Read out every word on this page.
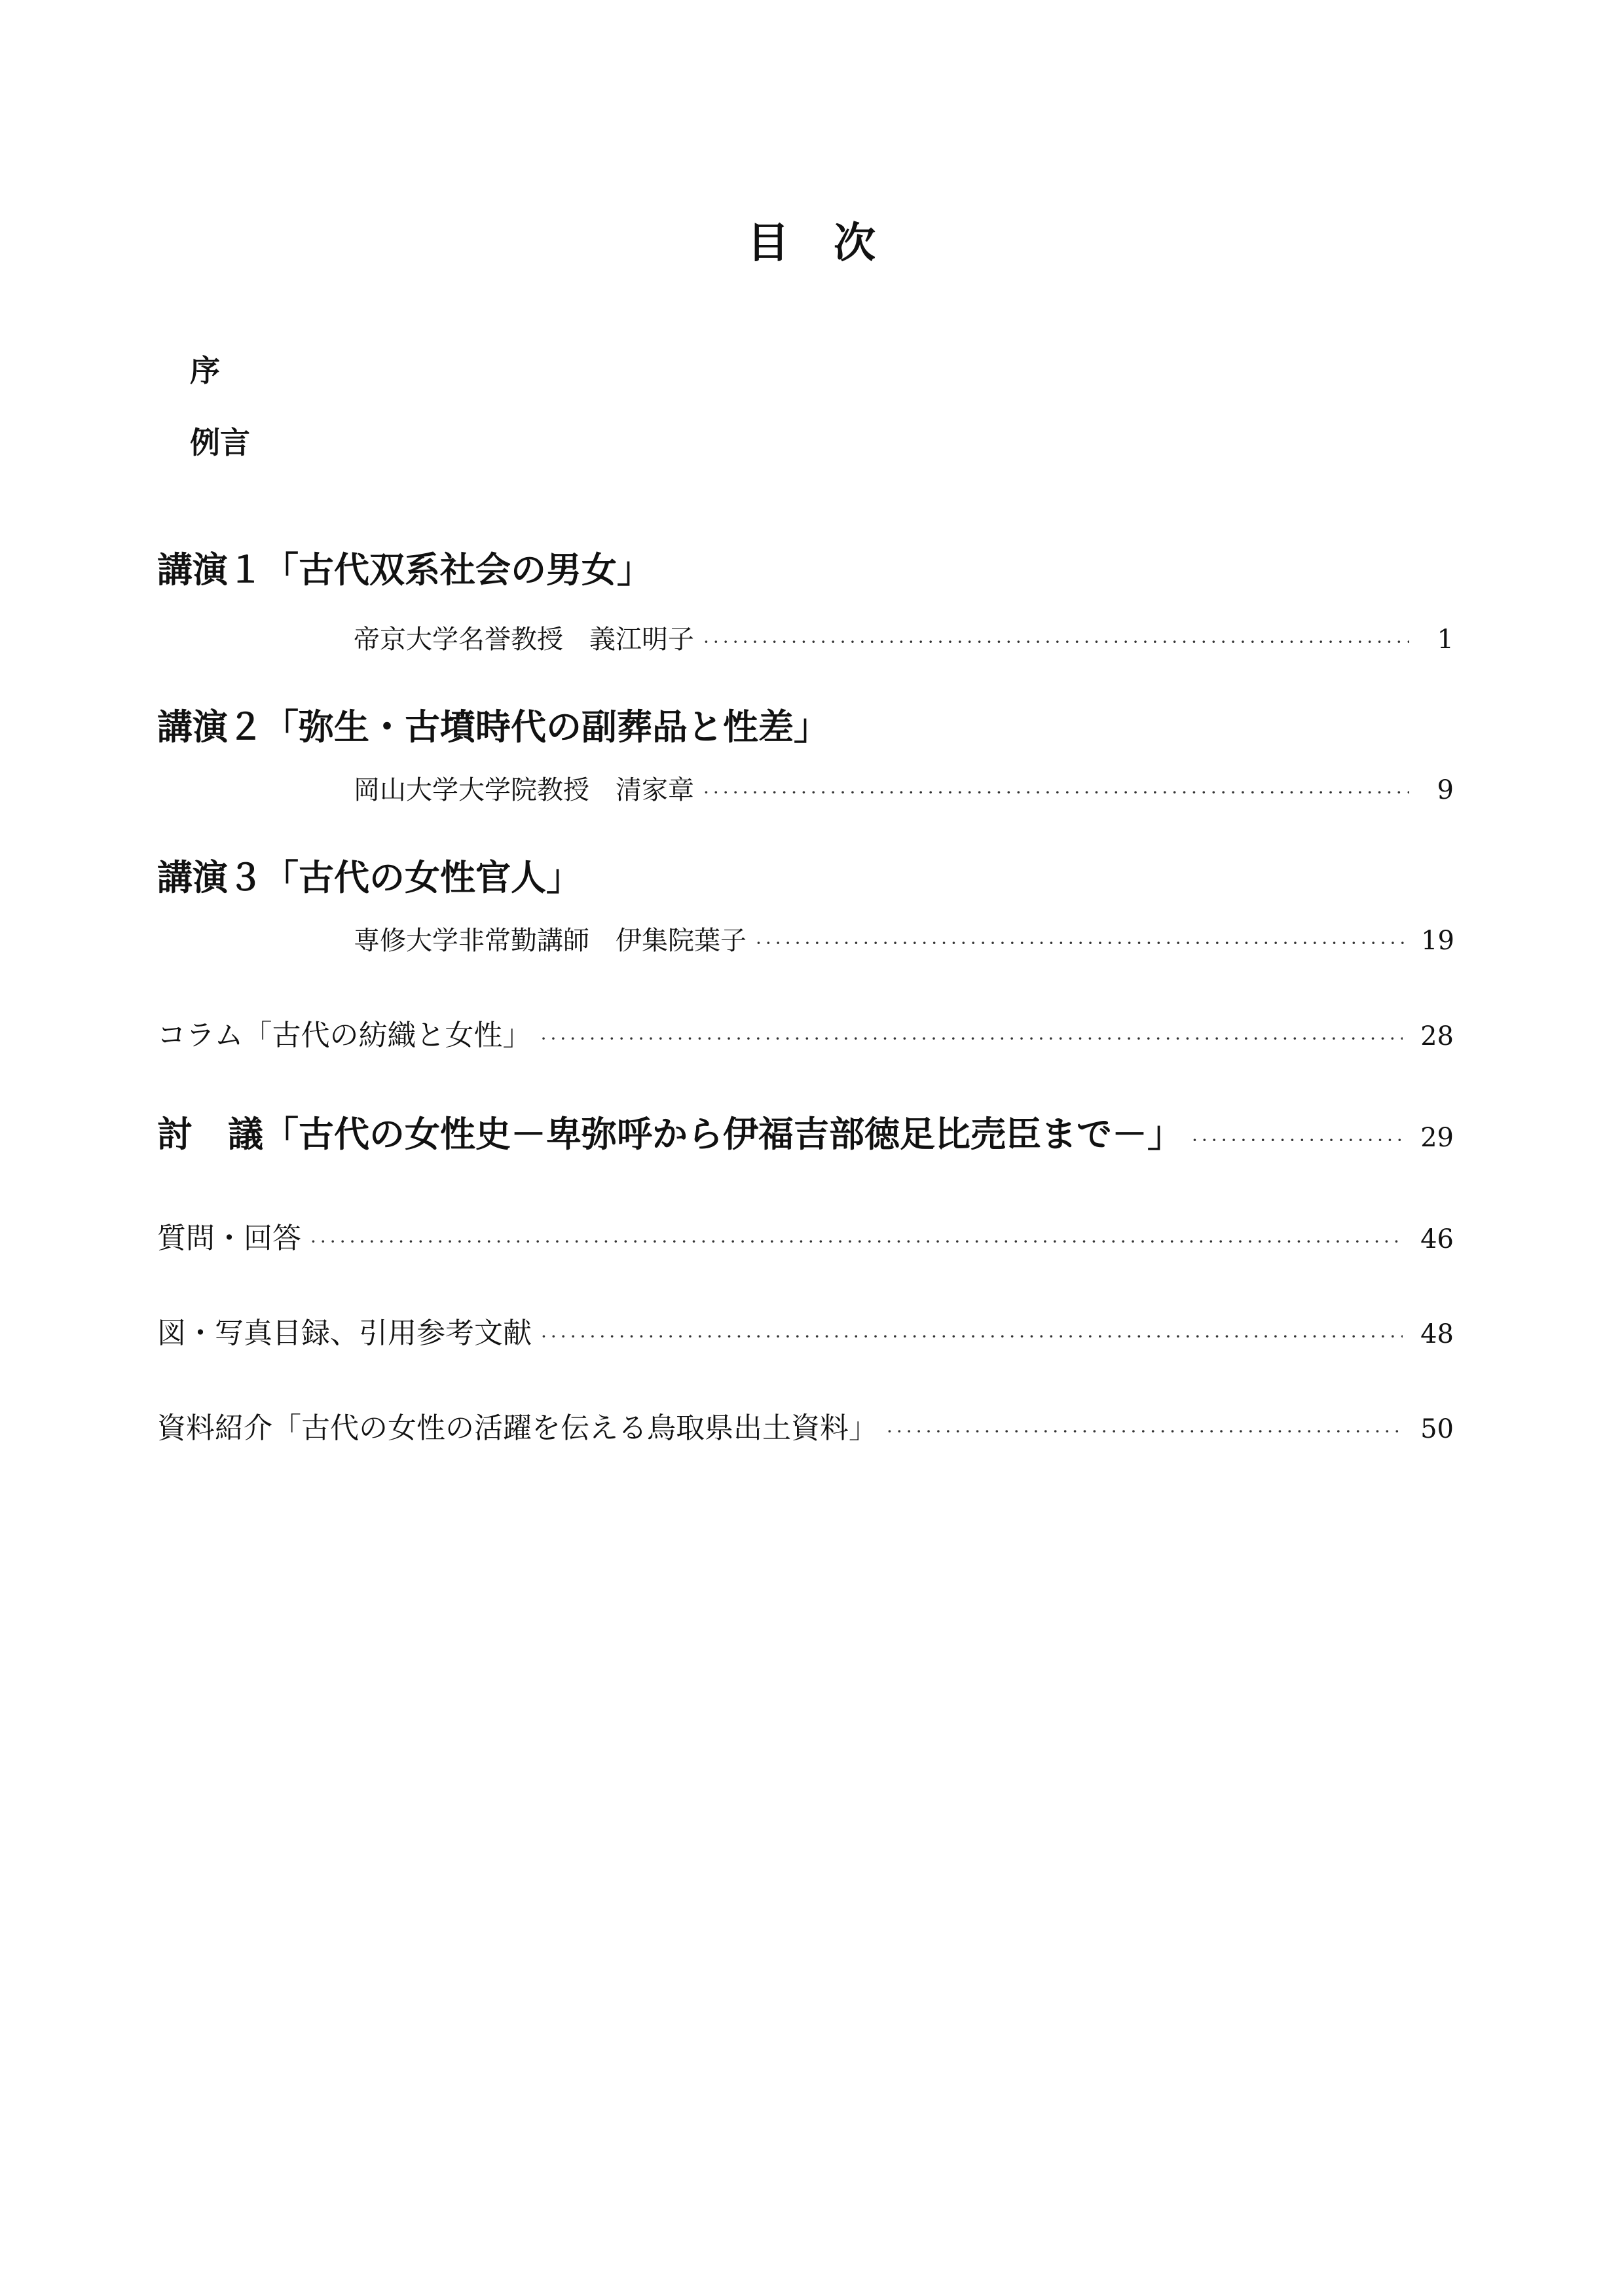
目　次
序
例言
講演１「古代双系社会の男女」
帝京大学名誉教授　義江明子 ·····	1
講演２「弥生・古墳時代の副葬品と性差」
岡山大学大学院教授　清家章 ·····	9
講演３「古代の女性官人」
専修大学非常勤講師　伊集院葉子 ·····	19
コラム「古代の紡織と女性」 ·····	28
討　議「古代の女性史－卑弥呼から伊福吉部徳足比売臣まで－」 ·····	29
質問・回答 ·····	46
図・写真目録、引用参考文献 ·····	48
資料紹介「古代の女性の活躍を伝える鳥取県出土資料」 ·····	50
